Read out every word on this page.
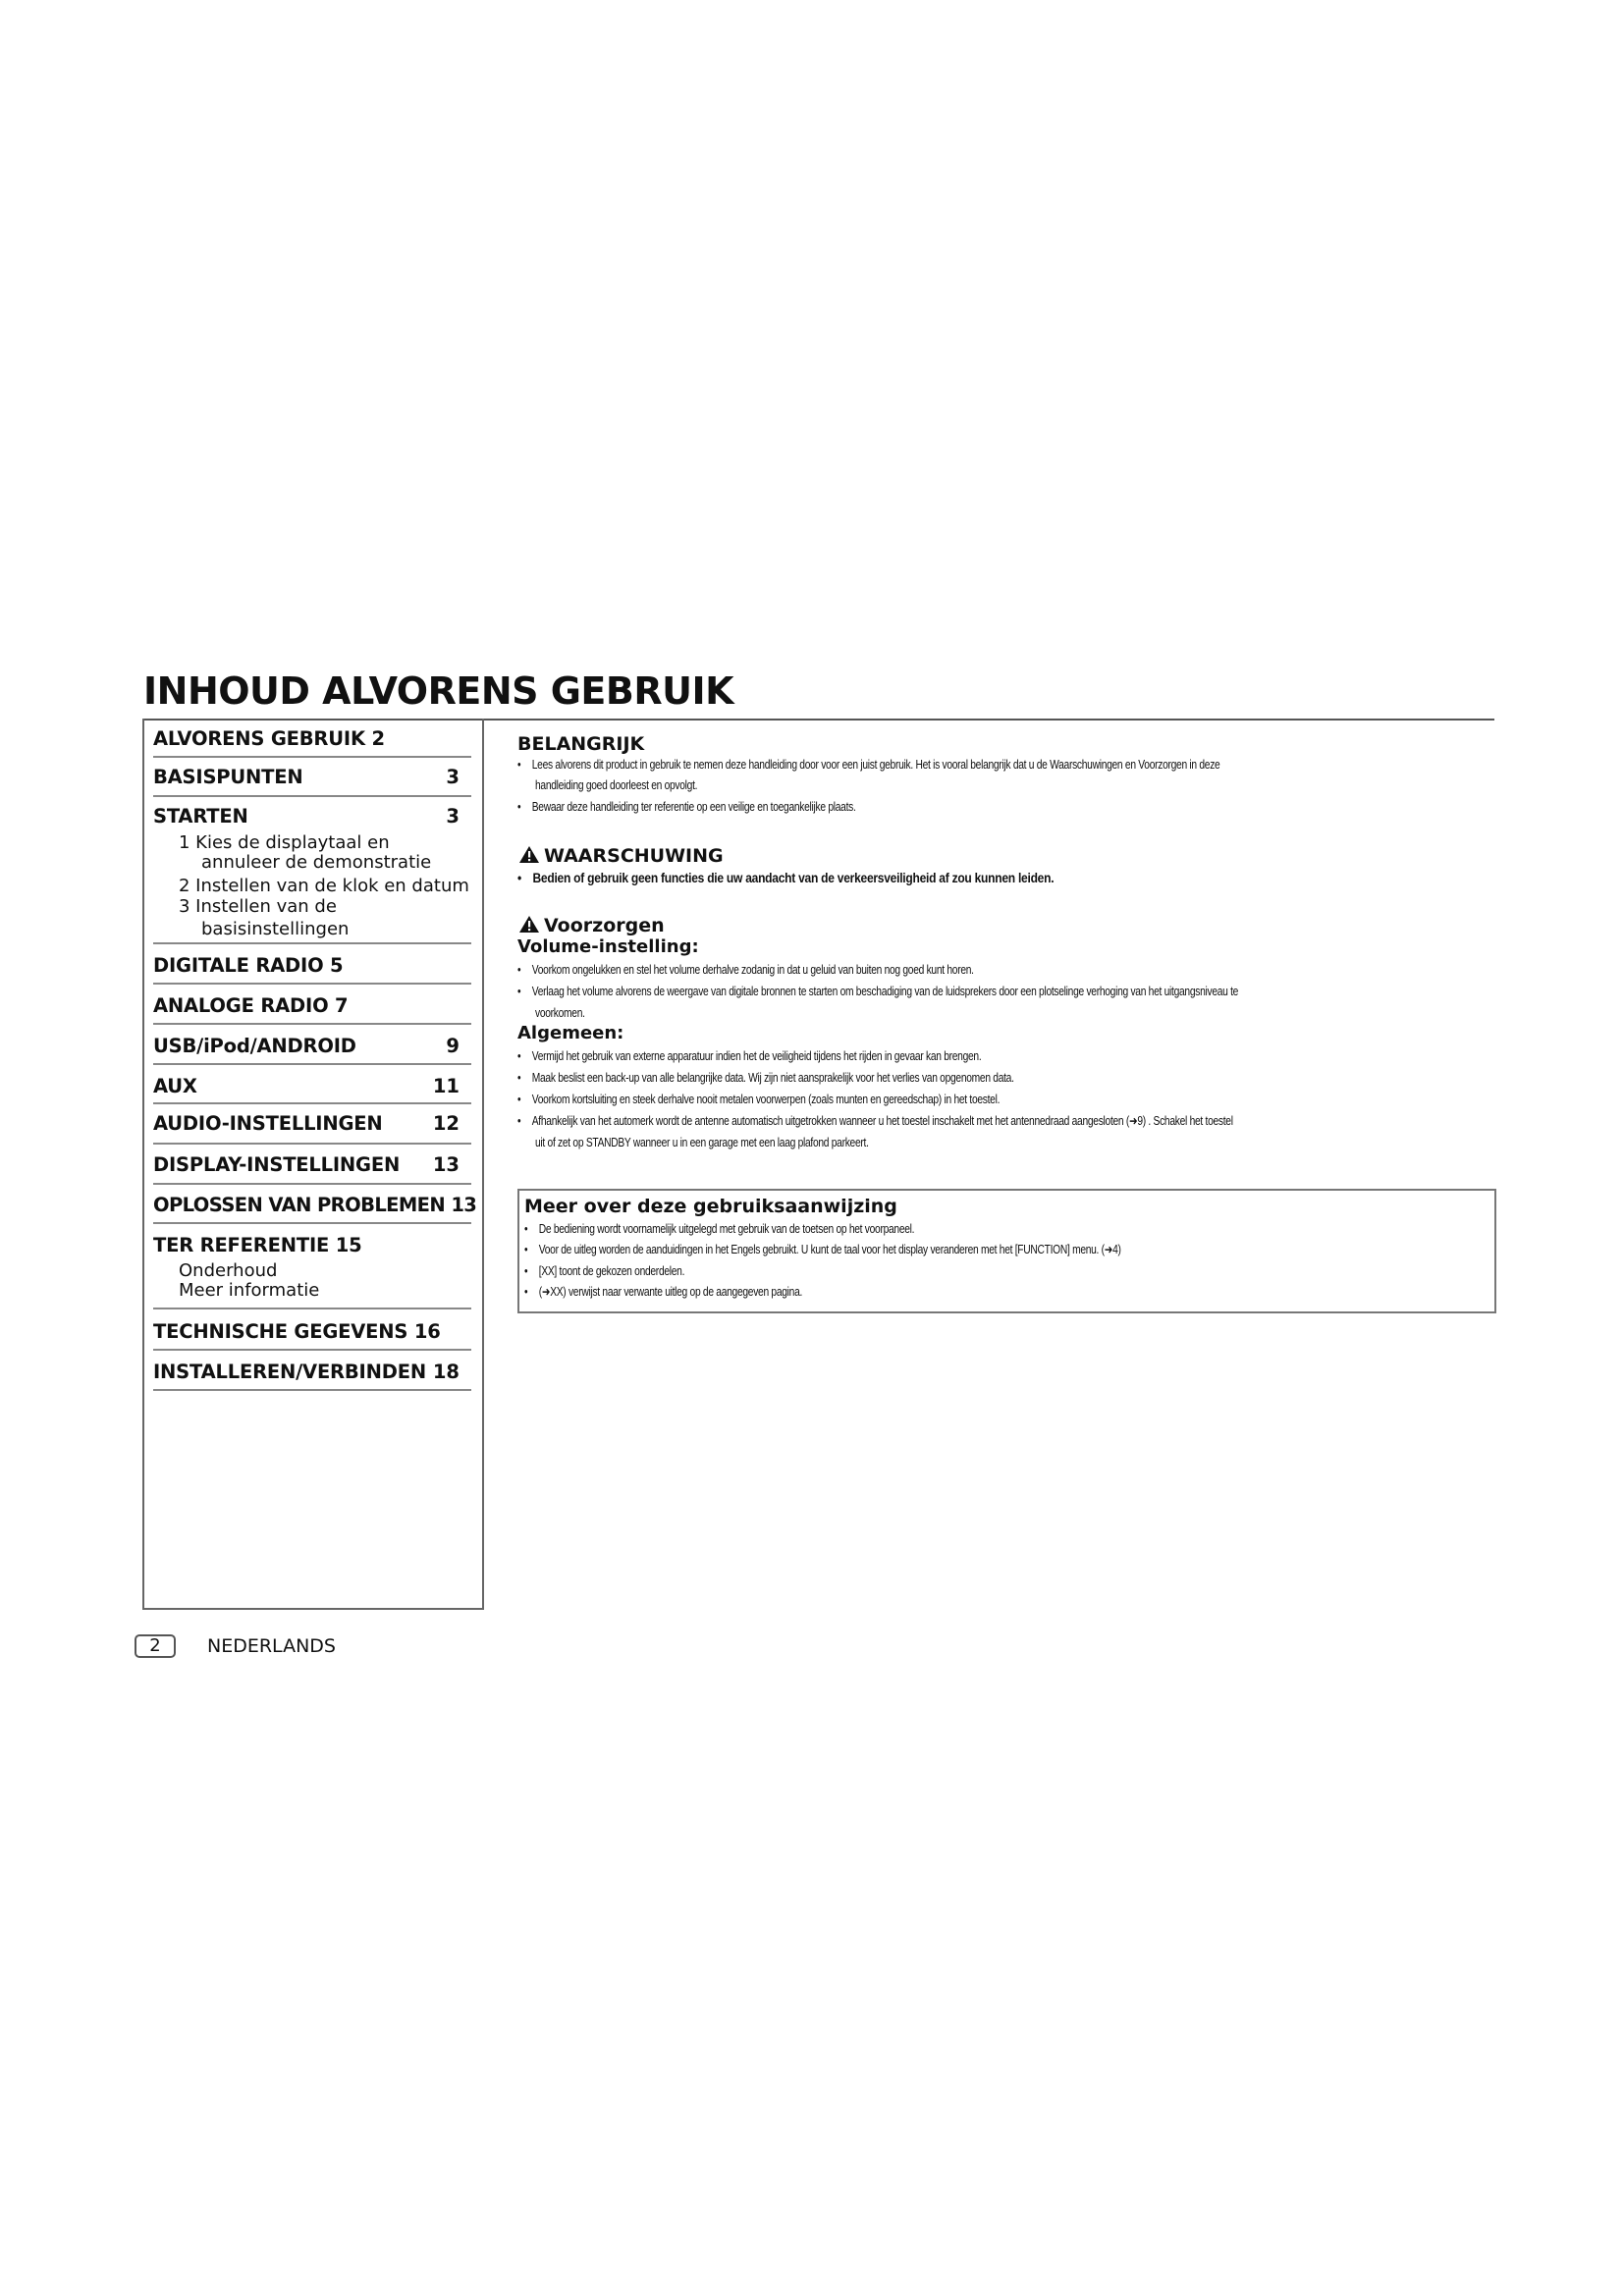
INHOUD ALVORENS GEBRUIK
ALVORENS GEBRUIK 2
BASISPUNTEN	3
STARTEN	3
1 Kies de displaytaal en
annuleer de demonstratie
2 Instellen van de klok en datum
3 Instellen van de
basisinstellingen
DIGITALE RADIO 5
ANALOGE RADIO 7
USB/iPod/ANDROID	9
AUX	11
AUDIO-INSTELLINGEN	12
DISPLAY-INSTELLINGEN 13
OPLOSSEN VAN PROBLEMEN 13
TER REFERENTIE 15
Onderhoud
Meer informatie
TECHNISCHE GEGEVENS 16
INSTALLEREN/VERBINDEN 18
BELANGRIJK
• Lees alvorens dit product in gebruik te nemen deze handleiding door voor een juist gebruik. Het is vooral belangrijk dat u de Waarschuwingen en Voorzorgen in deze
handleiding goed doorleest en opvolgt.
• Bewaar deze handleiding ter referentie op een veilige en toegankelijke plaats.
WAARSCHUWING
• Bedien of gebruik geen functies die uw aandacht van de verkeersveiligheid af zou kunnen leiden.
Voorzorgen
Volume-instelling:
• Voorkom ongelukken en stel het volume derhalve zodanig in dat u geluid van buiten nog goed kunt horen.
• Verlaag het volume alvorens de weergave van digitale bronnen te starten om beschadiging van de luidsprekers door een plotselinge verhoging van het uitgangsniveau te
voorkomen.
Algemeen:
• Vermijd het gebruik van externe apparatuur indien het de veiligheid tijdens het rijden in gevaar kan brengen.
• Maak beslist een back-up van alle belangrijke data. Wij zijn niet aansprakelijk voor het verlies van opgenomen data.
• Voorkom kortsluiting en steek derhalve nooit metalen voorwerpen (zoals munten en gereedschap) in het toestel.
• Afhankelijk van het automerk wordt de antenne automatisch uitgetrokken wanneer u het toestel inschakelt met het antennedraad aangesloten (➜9) . Schakel het toestel
uit of zet op STANDBY wanneer u in een garage met een laag plafond parkeert.
Meer over deze gebruiksaanwijzing
• De bediening wordt voornamelijk uitgelegd met gebruik van de toetsen op het voorpaneel.
• Voor de uitleg worden de aanduidingen in het Engels gebruikt. U kunt de taal voor het display veranderen met het [FUNCTION] menu. (➜4)
• [XX] toont de gekozen onderdelen.
• (➜XX) verwijst naar verwante uitleg op de aangegeven pagina.
2	NEDERLANDS
